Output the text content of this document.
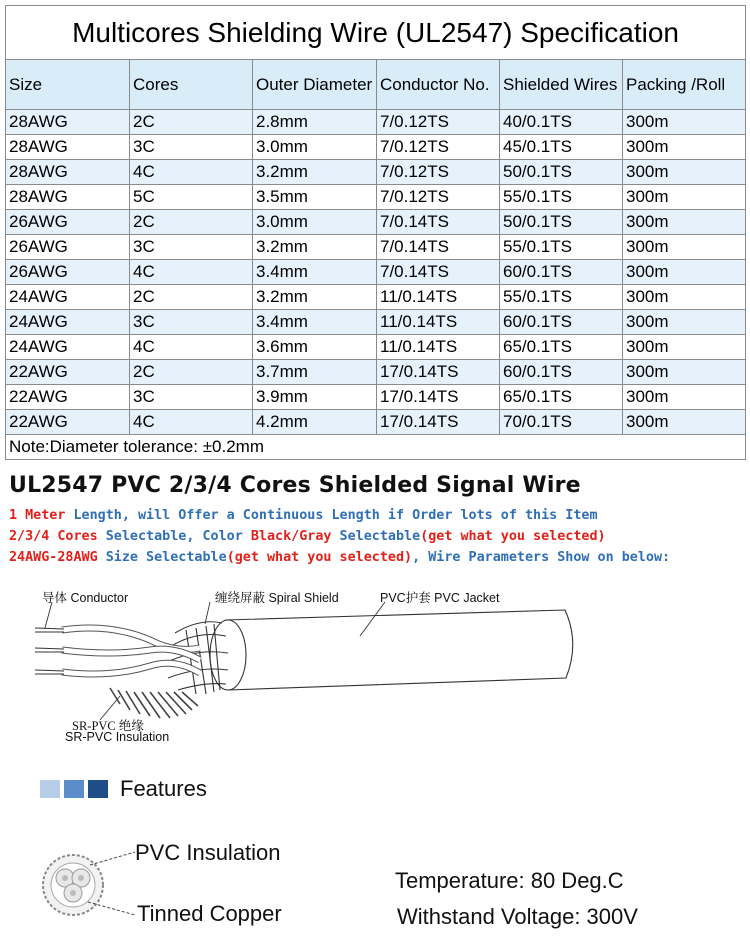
Multicores Shielding Wire (UL2547) Specification					
Size	Cores	Outer Diameter	Conductor No.	Shielded Wires	Packing /Roll
28AWG	2C	2.8mm	7/0.12TS	40/0.1TS	300m
28AWG	3C	3.0mm	7/0.12TS	45/0.1TS	300m
28AWG	4C	3.2mm	7/0.12TS	50/0.1TS	300m
28AWG	5C	3.5mm	7/0.12TS	55/0.1TS	300m
26AWG	2C	3.0mm	7/0.14TS	50/0.1TS	300m
26AWG	3C	3.2mm	7/0.14TS	55/0.1TS	300m
26AWG	4C	3.4mm	7/0.14TS	60/0.1TS	300m
24AWG	2C	3.2mm	11/0.14TS	55/0.1TS	300m
24AWG	3C	3.4mm	11/0.14TS	60/0.1TS	300m
24AWG	4C	3.6mm	11/0.14TS	65/0.1TS	300m
22AWG	2C	3.7mm	17/0.14TS	60/0.1TS	300m
22AWG	3C	3.9mm	17/0.14TS	65/0.1TS	300m
22AWG	4C	4.2mm	17/0.14TS	70/0.1TS	300m
Note:Diameter tolerance: ±0.2mm					
UL2547 PVC 2/3/4 Cores Shielded Signal Wire
1 Meter Length, will Offer a Continuous Length if Order lots of this Item
2/3/4 Cores Selectable, Color Black/Gray Selectable(get what you selected)
24AWG-28AWG Size Selectable(get what you selected), Wire Parameters Show on below:
导体 Conductor	缠绕屏蔽 Spiral Shield	PVC护套 PVC Jacket
SR-PVC 绝缘
SR-PVC Insulation
Features
PVC Insulation
Tinned Copper
Temperature: 80 Deg.C
Withstand Voltage: 300V
